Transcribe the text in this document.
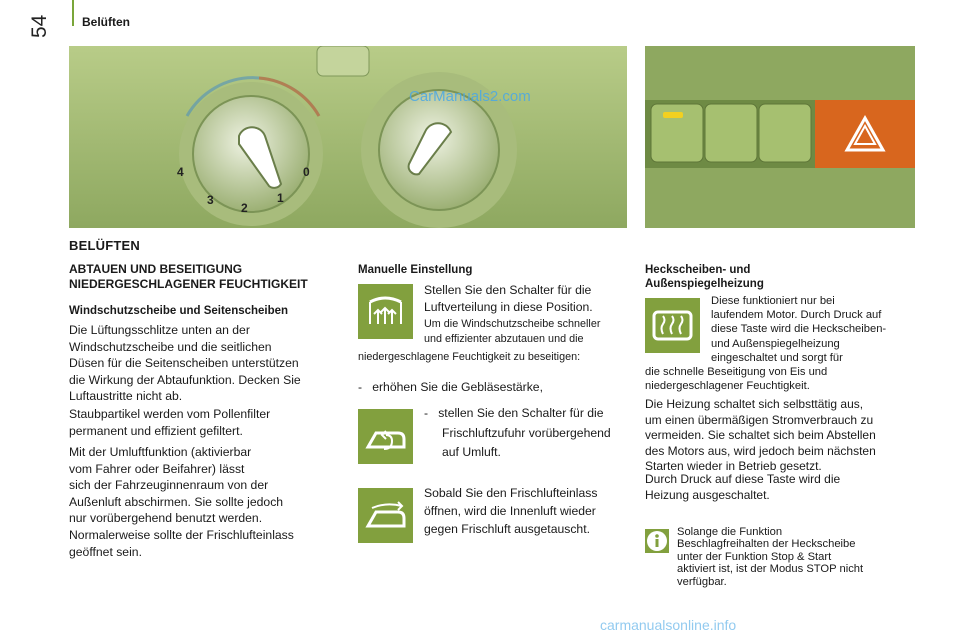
54	Belüften
4
3
2
1
0
CarManuals2.com
BELÜFTEN
ABTAUEN UND BESEITIGUNG NIEDERGESCHLAGENER FEUCHTIGKEIT
Windschutzscheibe und Seitenscheiben
Die Lüftungsschlitze unten an der
Windschutzscheibe und die seitlichen
Düsen für die Seitenscheiben unterstützen
die Wirkung der Abtaufunktion. Decken Sie
Luftaustritte nicht ab.
Staubpartikel werden vom Pollenfilter
permanent und effizient gefiltert.
Mit der Umluftfunktion (aktivierbar
vom Fahrer oder Beifahrer) lässt
sich der Fahrzeuginnenraum von der
Außenluft abschirmen. Sie sollte jedoch
nur vorübergehend benutzt werden.
Normalerweise sollte der Frischlufteinlass
geöffnet sein.
Manuelle Einstellung
Stellen Sie den Schalter für die
Luftverteilung in diese Position.
Um die Windschutzscheibe schneller
und effizienter abzutauen und die
niedergeschlagene Feuchtigkeit zu beseitigen:
-   erhöhen Sie die Gebläsestärke,
-   stellen Sie den Schalter für die
Frischluftzufuhr vorübergehend
auf Umluft.
Sobald Sie den Frischlufteinlass
öffnen, wird die Innenluft wieder
gegen Frischluft ausgetauscht.
Heckscheiben- und
Außenspiegelheizung
Diese funktioniert nur bei
laufendem Motor. Durch Druck auf
diese Taste wird die Heckscheiben-
und Außenspiegelheizung
eingeschaltet und sorgt für
die schnelle Beseitigung von Eis und
niedergeschlagener Feuchtigkeit.
Die Heizung schaltet sich selbsttätig aus,
um einen übermäßigen Stromverbrauch zu
vermeiden. Sie schaltet sich beim Abstellen
des Motors aus, wird jedoch beim nächsten
Starten wieder in Betrieb gesetzt.
Durch Druck auf diese Taste wird die
Heizung ausgeschaltet.
Solange die Funktion
Beschlagfreihalten der Heckscheibe
unter der Funktion Stop & Start
aktiviert ist, ist der Modus STOP nicht
verfügbar.
carmanualsonline.info
